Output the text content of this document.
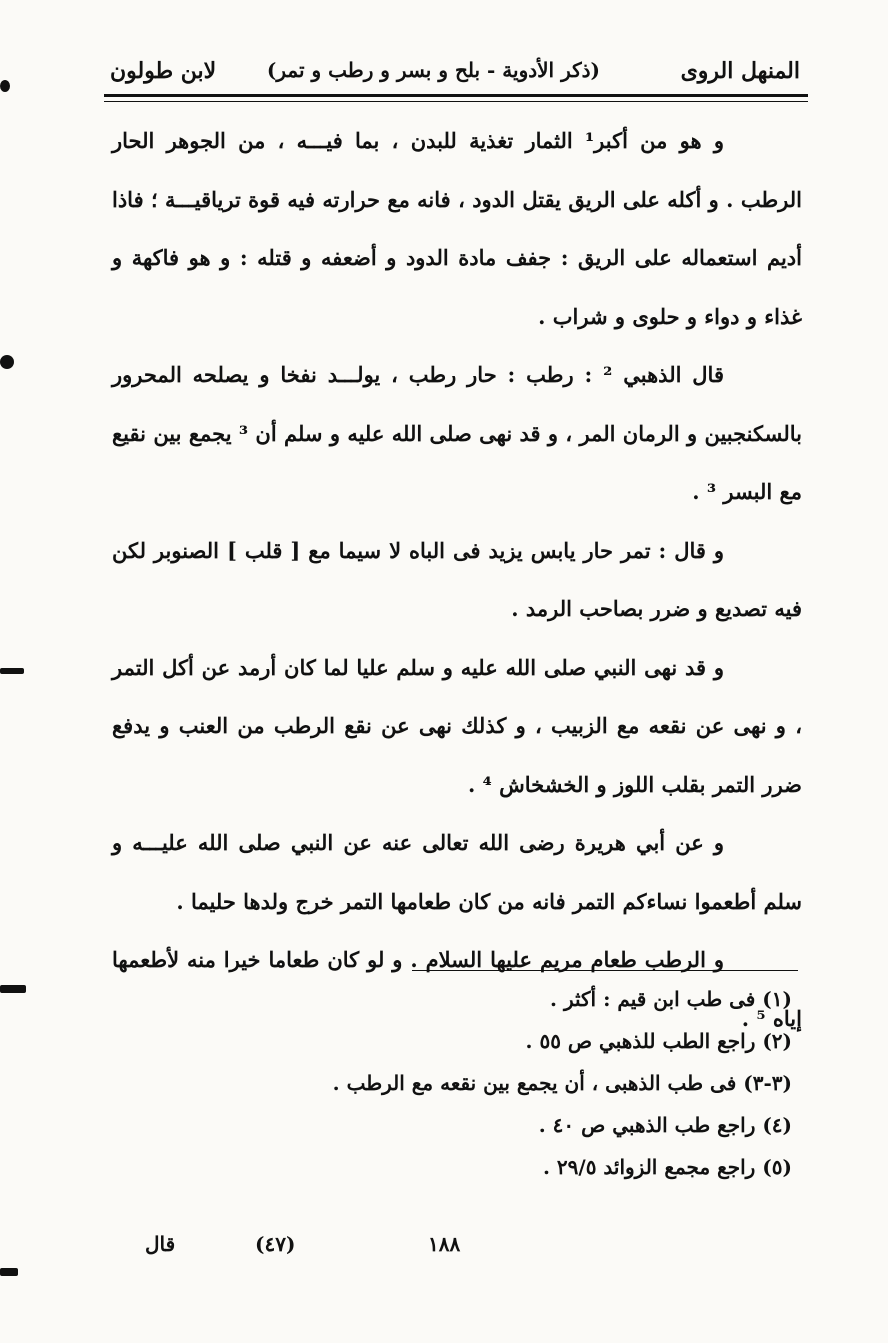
المنهل الروى
(ذكر الأدوية - بلح و بسر و رطب و تمر)
لابن طولون

و هو من أكبر¹ الثمار تغذية للبدن ، بما فيـــه ، من الجوهر الحار الرطب . و أكله على الريق يقتل الدود ، فانه مع حرارته فيه قوة ترياقيـــة ؛ فاذا أديم استعماله على الريق : جفف مادة الدود و أضعفه و قتله : و هو فاكهة و غذاء و دواء و حلوى و شراب .

قال الذهبي ² : رطب : حار رطب ، يولـــد نفخا و يصلحه المحرور بالسكنجبين و الرمان المر ، و قد نهى صلى الله عليه و سلم أن ³ يجمع بين نقيع مع البسر ³ .

و قال : تمر حار يابس يزيد فى الباه لا سيما مع [ قلب ] الصنوبر لكن فيه تصديع و ضرر بصاحب الرمد .

و قد نهى النبي صلى الله عليه و سلم عليا لما كان أرمد عن أكل التمر ، و نهى عن نقعه مع الزبيب ، و كذلك نهى عن نقع الرطب من العنب و يدفع ضرر التمر بقلب اللوز و الخشخاش ⁴ .

و عن أبي هريرة رضى الله تعالى عنه عن النبي صلى الله عليـــه و سلم أطعموا نساءكم التمر فانه من كان طعامها التمر خرج ولدها حليما .

و الرطب طعام مريم عليها السلام . و لو كان طعاما خيرا منه لأطعمها إياه ⁵ .

(١) فى طب ابن قيم : أكثر .
(٢) راجع الطب للذهبي ص ٥٥ .
(٣-٣) فى طب الذهبى ، أن يجمع بين نقعه مع الرطب .
(٤) راجع طب الذهبي ص ٤٠ .
(٥) راجع مجمع الزوائد ٢٩/٥ .
قال	(٤٧)	١٨٨
